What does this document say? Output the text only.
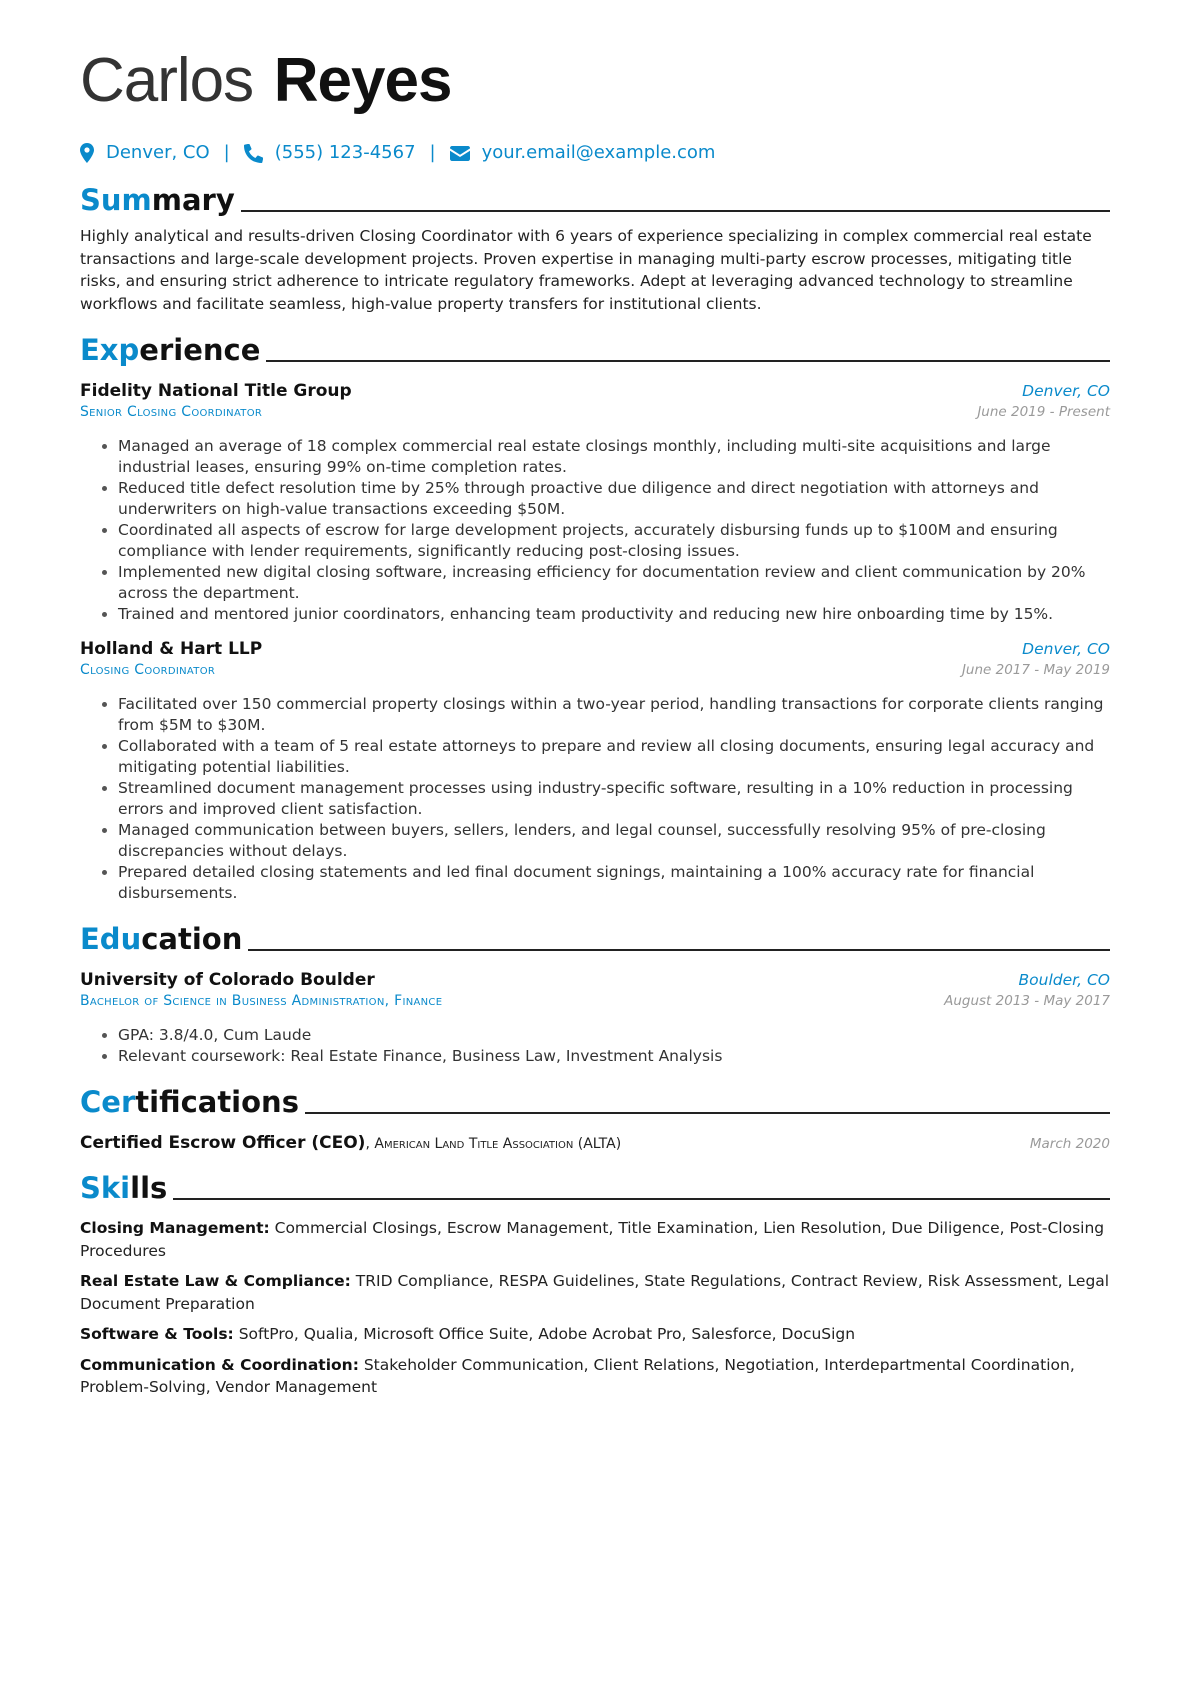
Carlos Reyes
Denver, CO |	(555) 123-4567 |	your.email@example.com
Summary
Highly analytical and results-driven Closing Coordinator with 6 years of experience specializing in complex commercial real estate transactions and large-scale development projects. Proven expertise in managing multi-party escrow processes, mitigating title risks, and ensuring strict adherence to intricate regulatory frameworks. Adept at leveraging advanced technology to streamline workflows and facilitate seamless, high-value property transfers for institutional clients.
Experience
Fidelity National Title Group	Denver, CO
Senior Closing Coordinator	June 2019 - Present
• Managed an average of 18 complex commercial real estate closings monthly, including multi-site acquisitions and large industrial leases, ensuring 99% on-time completion rates.
• Reduced title defect resolution time by 25% through proactive due diligence and direct negotiation with attorneys and underwriters on high-value transactions exceeding $50M.
• Coordinated all aspects of escrow for large development projects, accurately disbursing funds up to $100M and ensuring compliance with lender requirements, significantly reducing post-closing issues.
• Implemented new digital closing software, increasing efficiency for documentation review and client communication by 20% across the department.
• Trained and mentored junior coordinators, enhancing team productivity and reducing new hire onboarding time by 15%.
Holland & Hart LLP	Denver, CO
Closing Coordinator	June 2017 - May 2019
• Facilitated over 150 commercial property closings within a two-year period, handling transactions for corporate clients ranging from $5M to $30M.
• Collaborated with a team of 5 real estate attorneys to prepare and review all closing documents, ensuring legal accuracy and mitigating potential liabilities.
• Streamlined document management processes using industry-specific software, resulting in a 10% reduction in processing errors and improved client satisfaction.
• Managed communication between buyers, sellers, lenders, and legal counsel, successfully resolving 95% of pre-closing discrepancies without delays.
• Prepared detailed closing statements and led final document signings, maintaining a 100% accuracy rate for financial disbursements.
Education
University of Colorado Boulder	Boulder, CO
Bachelor of Science in Business Administration, Finance	August 2013 - May 2017
• GPA: 3.8/4.0, Cum Laude
• Relevant coursework: Real Estate Finance, Business Law, Investment Analysis
Certifications
Certified Escrow Officer (CEO), American Land Title Association (ALTA)	March 2020
Skills
Closing Management: Commercial Closings, Escrow Management, Title Examination, Lien Resolution, Due Diligence, Post-Closing Procedures
Real Estate Law & Compliance: TRID Compliance, RESPA Guidelines, State Regulations, Contract Review, Risk Assessment, Legal Document Preparation
Software & Tools: SoftPro, Qualia, Microsoft Office Suite, Adobe Acrobat Pro, Salesforce, DocuSign
Communication & Coordination: Stakeholder Communication, Client Relations, Negotiation, Interdepartmental Coordination, Problem-Solving, Vendor Management
